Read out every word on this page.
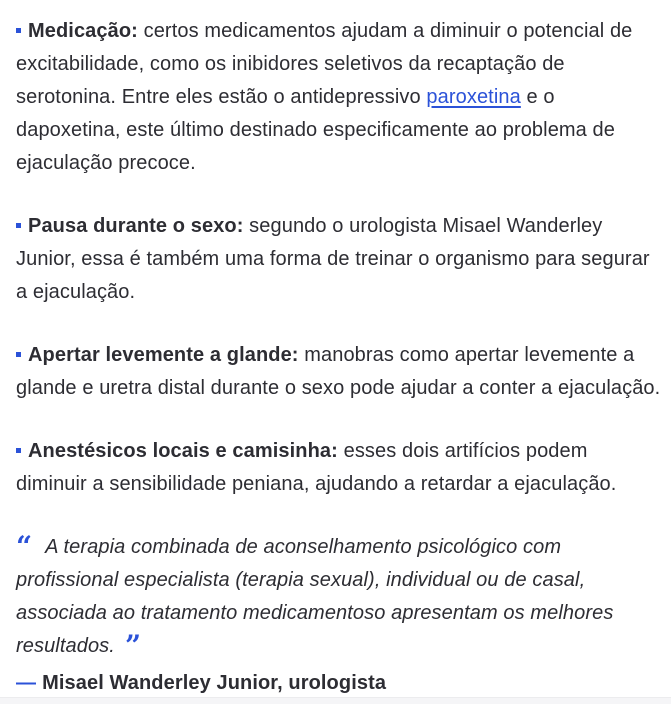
Medicação: certos medicamentos ajudam a diminuir o potencial de excitabilidade, como os inibidores seletivos da recaptação de serotonina. Entre eles estão o antidepressivo paroxetina e o dapoxetina, este último destinado especificamente ao problema de ejaculação precoce.

Pausa durante o sexo: segundo o urologista Misael Wanderley Junior, essa é também uma forma de treinar o organismo para segurar a ejaculação.

Apertar levemente a glande: manobras como apertar levemente a glande e uretra distal durante o sexo pode ajudar a conter a ejaculação.

Anestésicos locais e camisinha: esses dois artifícios podem diminuir a sensibilidade peniana, ajudando a retardar a ejaculação.

“ A terapia combinada de aconselhamento psicológico com profissional especialista (terapia sexual), individual ou de casal, associada ao tratamento medicamentoso apresentam os melhores resultados. ”

— Misael Wanderley Junior, urologista
